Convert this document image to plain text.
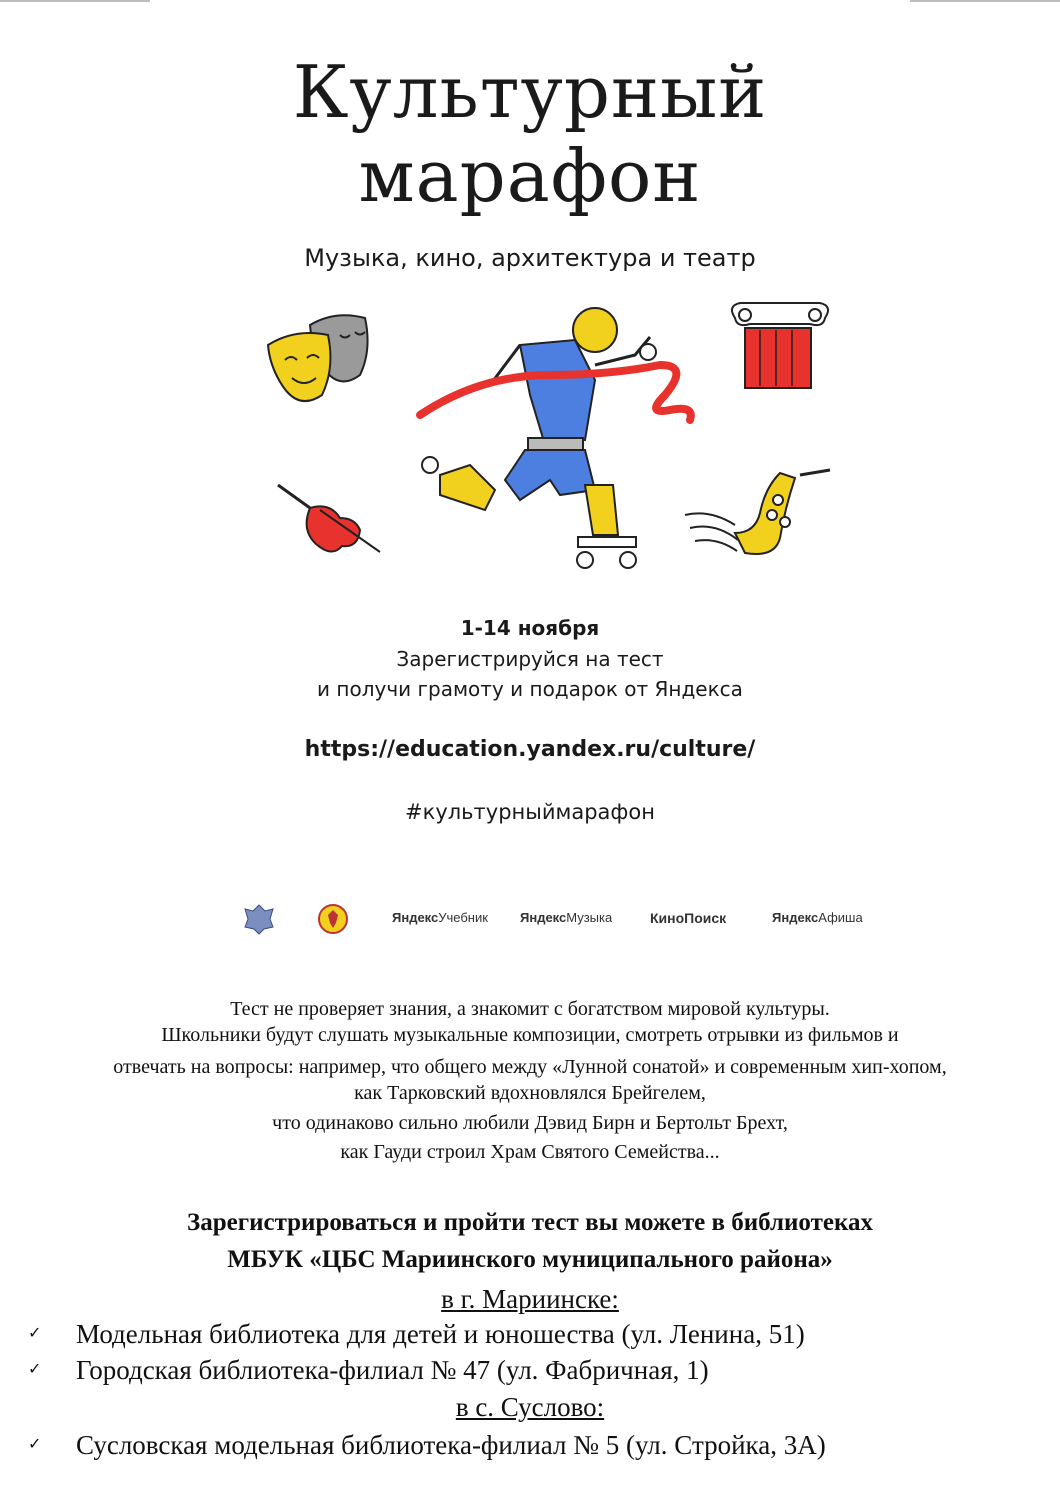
Культурный
марафон
Музыка, кино, архитектура и театр
1-14 ноября
Зарегистрируйся на тест
и получи грамоту и подарок от Яндекса
https://education.yandex.ru/culture/
#культурныймарафон
ЯндексУчебник ЯндексМузыка	КиноПоиск	ЯндексАфиша
Тест не проверяет знания, а знакомит с богатством мировой культуры.
Школьники будут слушать музыкальные композиции, смотреть отрывки из фильмов и
отвечать на вопросы: например, что общего между «Лунной сонатой» и современным хип-хопом,
как Тарковский вдохновлялся Брейгелем,
что одинаково сильно любили Дэвид Бирн и Бертольт Брехт,
как Гауди строил Храм Святого Семейства...
Зарегистрироваться и пройти тест вы можете в библиотеках
МБУК «ЦБС Мариинского муниципального района»
в г. Мариинске:
✓ Модельная библиотека для детей и юношества (ул. Ленина, 51)
✓ Городская библиотека-филиал № 47 (ул. Фабричная, 1)
в с. Суслово:
✓ Сусловская модельная библиотека-филиал № 5 (ул. Стройка, 3А)
